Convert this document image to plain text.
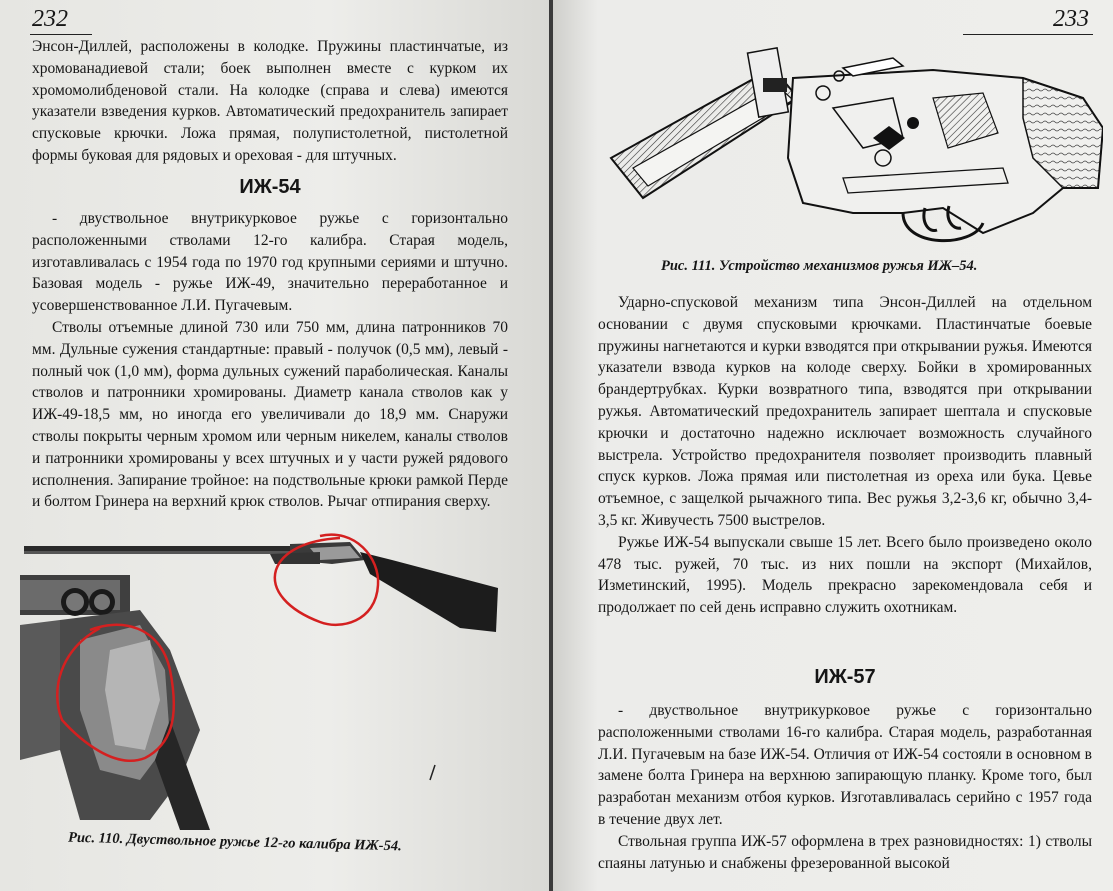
232

Энсон-Диллей, расположены в колодке. Пружины пластинчатые, из хромованадиевой стали; боек выполнен вместе с курком их хромомолибденовой стали. На колодке (справа и слева) имеются указатели взведения курков. Автоматический предохранитель запирает спусковые крючки. Ложа прямая, полупистолетной, пистолетной формы буковая для рядовых и ореховая - для штучных.

ИЖ-54

- двуствольное внутрикурковое ружье с горизонтально расположенными стволами 12-го калибра. Старая модель, изготавливалась с 1954 года по 1970 год крупными сериями и штучно. Базовая модель - ружье ИЖ-49, значительно переработанное и усовершенствованное Л.И. Пугачевым.

Стволы отъемные длиной 730 или 750 мм, длина патронников 70 мм. Дульные сужения стандартные: правый - получок (0,5 мм), левый - полный чок (1,0 мм), форма дульных сужений параболическая. Каналы стволов и патронники хромированы. Диаметр канала стволов как у ИЖ-49-18,5 мм, но иногда его увеличивали до 18,9 мм. Снаружи стволы покрыты черным хромом или черным никелем, каналы стволов и патронники хромированы у всех штучных и у части ружей рядового исполнения. Запирание тройное: на подствольные крюки рамкой Перде и болтом Гринера на верхний крюк стволов. Рычаг отпирания сверху.

Рис. 110. Двуствольное ружье 12-го калибра ИЖ-54.
233
Рис. 111. Устройство механизмов ружья ИЖ–54.

Ударно-спусковой механизм типа Энсон-Диллей на отдельном основании с двумя спусковыми крючками. Пластинчатые боевые пружины нагнетаются и курки взводятся при открывании ружья. Имеются указатели взвода курков на колоде сверху. Бойки в хромированных брандертрубках. Курки возвратного типа, взводятся при открывании ружья. Автоматический предохранитель запирает шептала и спусковые крючки и достаточно надежно исключает возможность случайного выстрела. Устройство предохранителя позволяет производить плавный спуск курков. Ложа прямая или пистолетная из ореха или бука. Цевье отъемное, с защелкой рычажного типа. Вес ружья 3,2-3,6 кг, обычно 3,4-3,5 кг. Живучесть 7500 выстрелов.

Ружье ИЖ-54 выпускали свыше 15 лет. Всего было произведено около 478 тыс. ружей, 70 тыс. из них пошли на экспорт (Михайлов, Изметинский, 1995). Модель прекрасно зарекомендовала себя и продолжает по сей день исправно служить охотникам.

ИЖ-57

- двуствольное внутрикурковое ружье с горизонтально расположенными стволами 16-го калибра. Старая модель, разработанная Л.И. Пугачевым на базе ИЖ-54. Отличия от ИЖ-54 состояли в основном в замене болта Гринера на верхнюю запирающую планку. Кроме того, был разработан механизм отбоя курков. Изготавливалась серийно с 1957 года в течение двух лет.

Ствольная группа ИЖ-57 оформлена в трех разновидностях: 1) стволы спаяны латунью и снабжены фрезерованной высокой
